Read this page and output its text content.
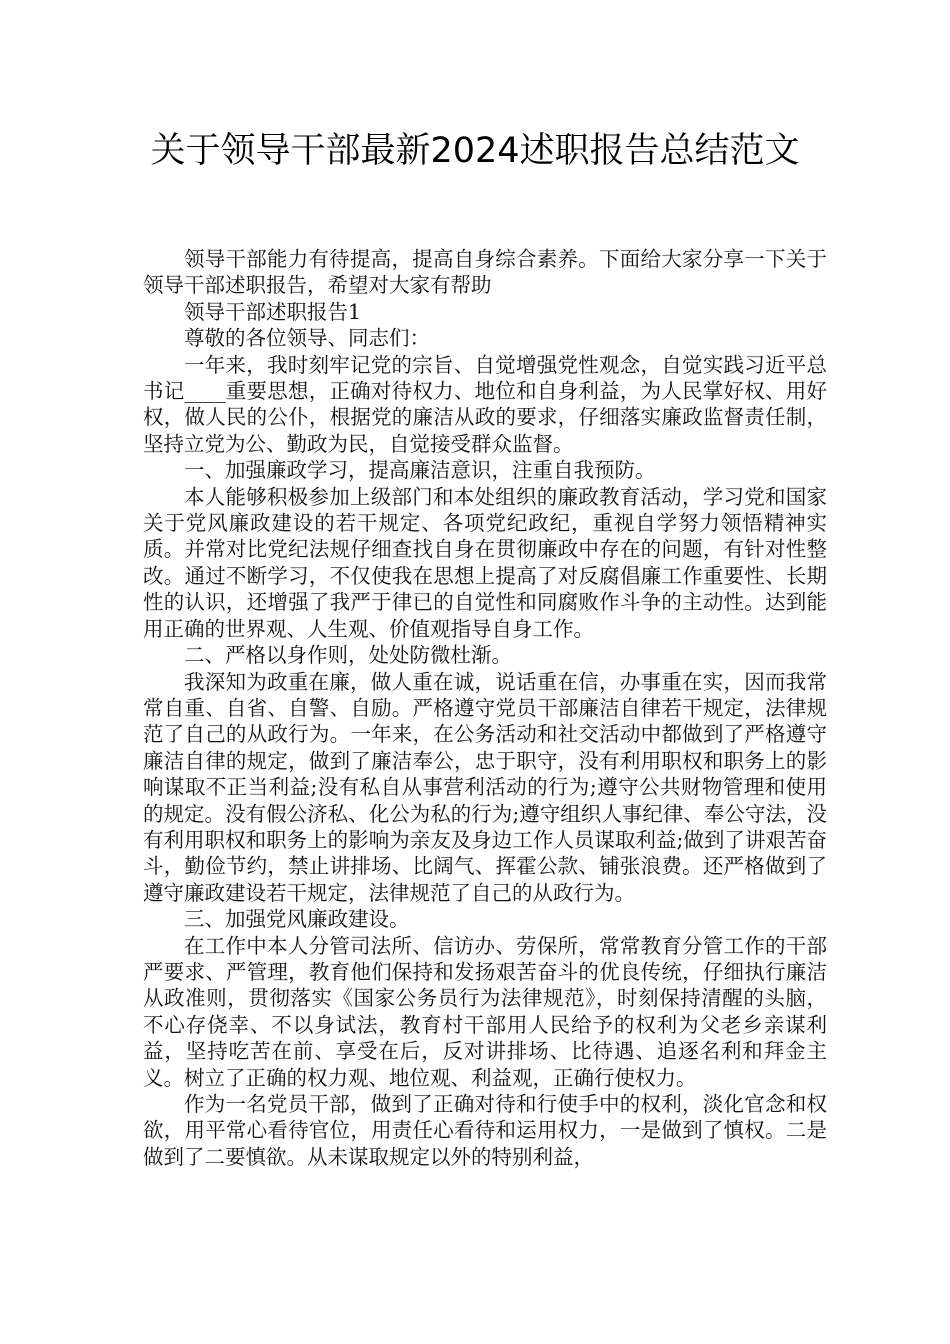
关于领导干部最新2024述职报告总结范文

领导干部能力有待提高，提高自身综合素养。下面给大家分享一下关于领导干部述职报告，希望对大家有帮助

领导干部述职报告1

尊敬的各位领导、同志们：

一年来，我时刻牢记党的宗旨、自觉增强党性观念，自觉实践习近平总书记____重要思想，正确对待权力、地位和自身利益，为人民掌好权、用好权，做人民的公仆，根据党的廉洁从政的要求，仔细落实廉政监督责任制，坚持立党为公、勤政为民，自觉接受群众监督。

一、加强廉政学习，提高廉洁意识，注重自我预防。

本人能够积极参加上级部门和本处组织的廉政教育活动，学习党和国家关于党风廉政建设的若干规定、各项党纪政纪，重视自学努力领悟精神实质。并常对比党纪法规仔细查找自身在贯彻廉政中存在的问题，有针对性整改。通过不断学习，不仅使我在思想上提高了对反腐倡廉工作重要性、长期性的认识，还增强了我严于律已的自觉性和同腐败作斗争的主动性。达到能用正确的世界观、人生观、价值观指导自身工作。

二、严格以身作则，处处防微杜渐。

我深知为政重在廉，做人重在诚，说话重在信，办事重在实，因而我常常自重、自省、自警、自励。严格遵守党员干部廉洁自律若干规定，法律规范了自己的从政行为。一年来，在公务活动和社交活动中都做到了严格遵守廉洁自律的规定，做到了廉洁奉公，忠于职守，没有利用职权和职务上的影响谋取不正当利益;没有私自从事营利活动的行为;遵守公共财物管理和使用的规定。没有假公济私、化公为私的行为;遵守组织人事纪律、奉公守法，没有利用职权和职务上的影响为亲友及身边工作人员谋取利益;做到了讲艰苦奋斗，勤俭节约，禁止讲排场、比阔气、挥霍公款、铺张浪费。还严格做到了遵守廉政建设若干规定，法律规范了自己的从政行为。

三、加强党风廉政建设。

在工作中本人分管司法所、信访办、劳保所，常常教育分管工作的干部严要求、严管理，教育他们保持和发扬艰苦奋斗的优良传统，仔细执行廉洁从政准则，贯彻落实《国家公务员行为法律规范》，时刻保持清醒的头脑，不心存侥幸、不以身试法，教育村干部用人民给予的权利为父老乡亲谋利益，坚持吃苦在前、享受在后，反对讲排场、比待遇、追逐名利和拜金主义。树立了正确的权力观、地位观、利益观，正确行使权力。

作为一名党员干部，做到了正确对待和行使手中的权利，淡化官念和权欲，用平常心看待官位，用责任心看待和运用权力，一是做到了慎权。二是做到了二要慎欲。从未谋取规定以外的特别利益，
